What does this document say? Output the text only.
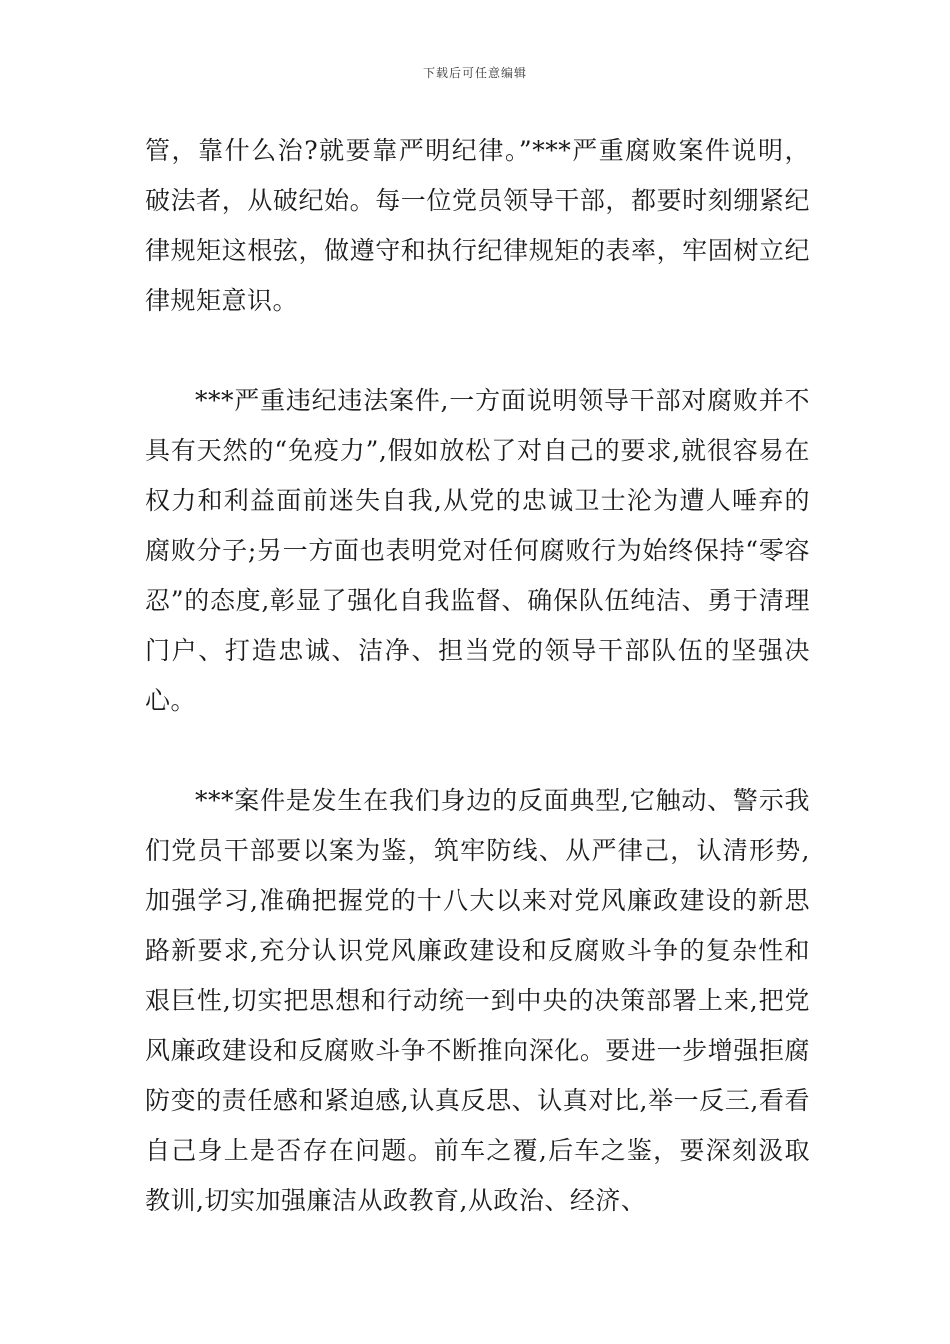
下载后可任意编辑

管，靠什么治?就要靠严明纪律。”***严重腐败案件说明，破法者，从破纪始。每一位党员领导干部，都要时刻绷紧纪律规矩这根弦，做遵守和执行纪律规矩的表率，牢固树立纪律规矩意识。

***严重违纪违法案件,一方面说明领导干部对腐败并不具有天然的“免疫力”,假如放松了对自己的要求,就很容易在权力和利益面前迷失自我,从党的忠诚卫士沦为遭人唾弃的腐败分子;另一方面也表明党对任何腐败行为始终保持“零容忍”的态度,彰显了强化自我监督、确保队伍纯洁、勇于清理门户、打造忠诚、洁净、担当党的领导干部队伍的坚强决心。

***案件是发生在我们身边的反面典型,它触动、警示我们党员干部要以案为鉴，筑牢防线、从严律己，认清形势,加强学习,准确把握党的十八大以来对党风廉政建设的新思路新要求,充分认识党风廉政建设和反腐败斗争的复杂性和艰巨性,切实把思想和行动统一到中央的决策部署上来,把党风廉政建设和反腐败斗争不断推向深化。要进一步增强拒腐防变的责任感和紧迫感,认真反思、认真对比,举一反三,看看自己身上是否存在问题。前车之覆,后车之鉴，要深刻汲取教训,切实加强廉洁从政教育,从政治、经济、
